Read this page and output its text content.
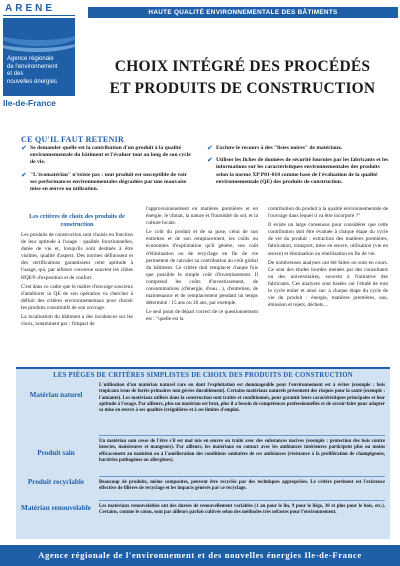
ARENE
Agence régionale
de l'environnement
et des
nouvelles énergies
Ile-de-France
HAUTE QUALITÉ ENVIRONNEMENTALE DES BÂTIMENTS
CHOIX INTÉGRÉ DES PROCÉDÉS
ET PRODUITS DE CONSTRUCTION
CE QU'IL FAUT RETENIR
✔ Se demander quelle est la contribution d'un produit à la qualité environnementale du bâtiment et l'évaluer tout au long de son cycle de vie.
✔ "L'écomatériau" n'existe pas : tout produit est susceptible de voir ses performances environnementales dégradées par une mauvaise mise en œuvre ou utilisation.
✔ Exclure le recours à des "listes noires" de matériaux.
✔ Utiliser les fiches de données de sécurité fournies par les fabricants et les informations sur les caractéristiques environnementales des produits selon la norme XP P01-010 comme base de l'évaluation de la qualité environnementale (QE) des produits de construction.
Les critères de choix des produits de construction

Les produits de construction sont choisis en fonction de leur aptitude à l'usage : qualités fonctionnelles, durée de vie et, lorsqu'ils sont destinés à être visibles, qualité d'aspect. Des normes définissent et des certifications garantissent cette aptitude à l'usage, qui, par ailleurs concerne souvent les cibles HQE® d'exposition et de confort.

C'est dans ce cadre que le maître d'ouvrage soucieux d'améliorer la QE de son opération va chercher à définir des critères environnementaux pour choisir les produits constitutifs de son ouvrage.

La localisation du bâtiment a des incidences sur les choix, notamment par : l'impact de

l'approvisionnement en matières premières et en énergie, le climat, la nature et l'humidité du sol, et la culture locale.

Le coût du produit et de sa pose, celui de son entretien et de son remplacement, les coûts ou économies d'exploitation qu'il génère, son coût d'élimination ou de recyclage en fin de vie permettent de calculer sa contribution au coût global du bâtiment. Ce critère doit remplacer chaque fois que possible le simple coût d'investissement. Il comprend les coûts d'investissement, de consommations (d'énergie, d'eau…), d'entretien, de maintenance et de remplacement pendant un temps déterminé : 15 ans ou 30 ans, par exemple.

Le seul point de départ correct de ce questionnement est : "quelle est la

contribution du produit à la qualité environnementale de l'ouvrage dans lequel il va être incorporé ?"

Il existe un large consensus pour considérer que cette contribution doit être évaluée à chaque étape du cycle de vie du produit : extraction des matières premières, fabrication, transport, mise en œuvre, utilisation (vie en œuvre) et élimination ou réutilisation en fin de vie.

De nombreuses analyses ont été faites ou sont en cours. Ce sont des études lourdes menées par des consultants ou des universitaires, souvent à l'initiative des fabricants. Ces analyses sont basées sur l'étude de tout le cycle entier et ainsi sur: à chaque étape du cycle de vie du produit : énergie, matières premières, eau, émission et rejets, déchets…

LES PIÈGES DE CRITÈRES SIMPLISTES DE CHOIX DES PRODUITS DE CONSTRUCTION
Matériau naturel
L'utilisation d'un matériau naturel rare ou dont l'exploitation est dommageable pour l'environnement est à éviter (exemple : bois tropicaux issus de forêts primaires non gérées durablement). Certains matériaux naturels présentent des risques pour la santé (exemple : l'amiante). Les matériaux utilisés dans la construction sont traités et conditionnés, pour garantir leurs caractéristiques principales et leur aptitude à l'usage. Par ailleurs, plus un matériau est brut, plus il a besoin de compétences professionnelles et de savoir-faire pour adapter sa mise en œuvre à ses qualités irrégulières et à ses limites d'emploi.
Produit sain
Un matériau sain cesse de l'être s'il est mal mis en œuvre ou traité avec des substances nocives (exemple : protection des bois contre insectes, moisissures et mangeurs). Par ailleurs, les matériaux en contact avec les ambiances intérieures participent plus ou moins efficacement au maintien ou à l'amélioration des conditions sanitaires de ces ambiances (résistance à la prolifération de champignons, bactéries pathogènes ou allergènes).
Produit recyclable	Beaucoup de produits, même composites, peuvent être recyclés par des techniques appropriées. Le critère pertinent est l'existence effective de filières de recyclage et les impacts générés par ce recyclage.
Matériau renouvelable Les matériaux renouvelables ont des durées de renouvellement variables (1 an pour le lin, 9 pour le liège, 30 et plus pour le bois, etc.). Certains, comme le coton, sont par ailleurs parfois cultivés selon des méthodes très néfastes pour l'environnement.
Agence régionale de l'environnement et des nouvelles énergies Ile-de-France
